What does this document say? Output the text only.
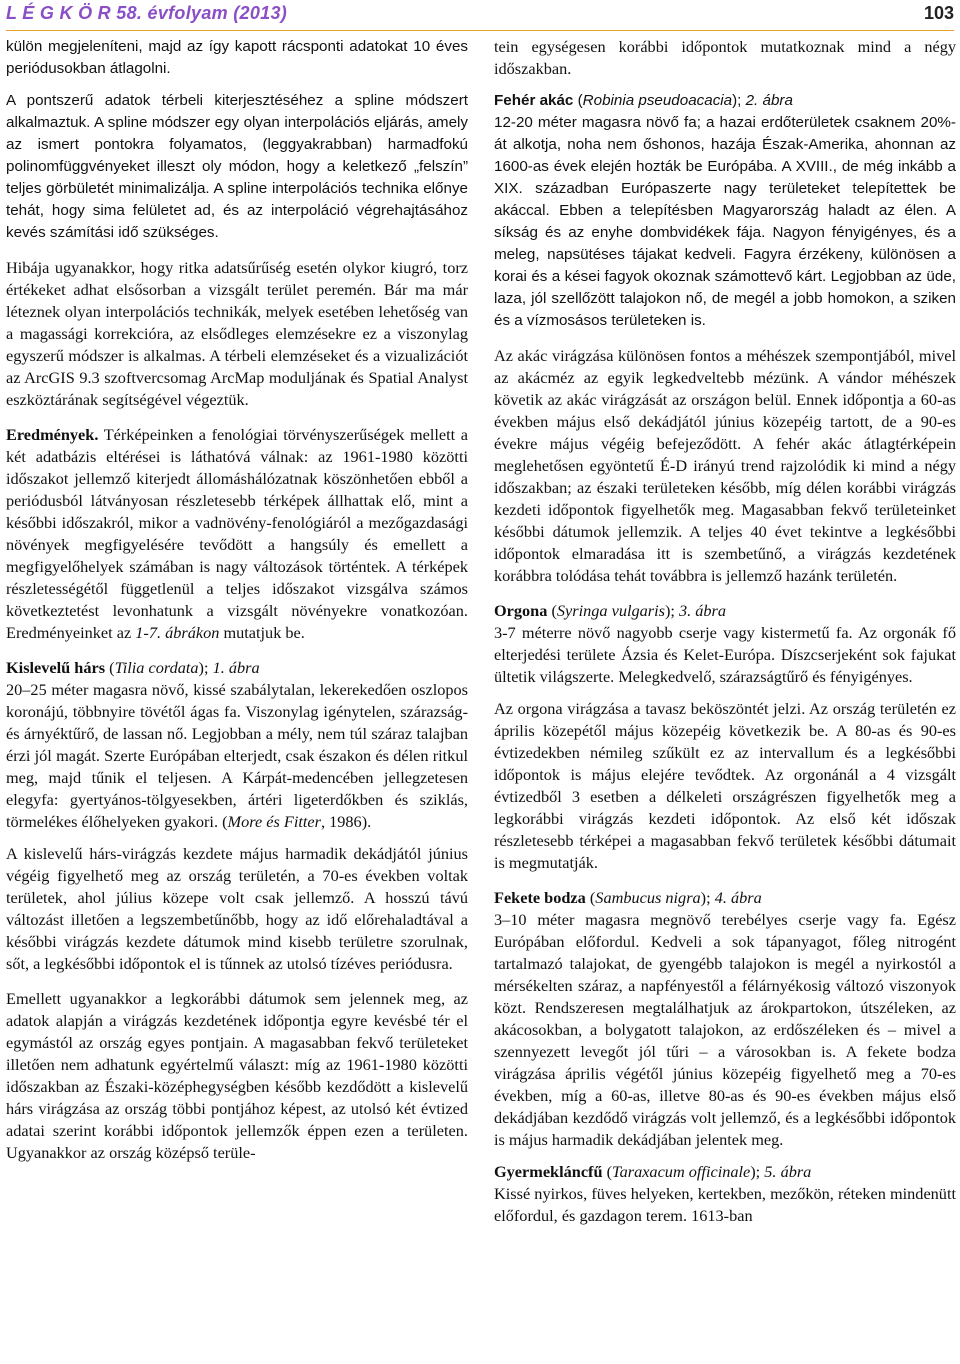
L É G K Ö R 58. évfolyam (2013)	103

külön megjeleníteni, majd az így kapott rácsponti adatokat 10 éves periódusokban átlagolni.

A pontszerű adatok térbeli kiterjesztéséhez a spline módszert alkalmaztuk. A spline módszer egy olyan interpolációs eljárás, amely az ismert pontokra folyamatos, (leggyakrabban) harmadfokú polinomfüggvényeket illeszt oly módon, hogy a keletkező „felszín” teljes görbületét minimalizálja. A spline interpolációs technika előnye tehát, hogy sima felületet ad, és az interpoláció végrehajtásához kevés számítási idő szükséges.

Hibája ugyanakkor, hogy ritka adatsűrűség esetén olykor kiugró, torz értékeket adhat elsősorban a vizsgált terület peremén. Bár ma már léteznek olyan interpolációs technikák, melyek esetében lehetőség van a magassági korrekcióra, az elsődleges elemzésekre ez a viszonylag egyszerű módszer is alkalmas. A térbeli elemzéseket és a vizualizációt az ArcGIS 9.3 szoftvercsomag ArcMap moduljának és Spatial Analyst eszköztárának segítségével végeztük.

Eredmények. Térképeinken a fenológiai törvényszerűségek mellett a két adatbázis eltérései is láthatóvá válnak: az 1961-1980 közötti időszakot jellemző kiterjedt állomáshálózatnak köszönhetően ebből a periódusból látványosan részletesebb térképek állhattak elő, mint a későbbi időszakról, mikor a vadnövény-fenológiáról a mezőgazdasági növények megfigyelésére tevődött a hangsúly és emellett a megfigyelőhelyek számában is nagy változások történtek. A térképek részletességétől függetlenül a teljes időszakot vizsgálva számos következtetést levonhatunk a vizsgált növényekre vonatkozóan. Eredményeinket az 1-7. ábrákon mutatjuk be.

Kislevelű hárs (Tilia cordata); 1. ábra
20–25 méter magasra növő, kissé szabálytalan, lekerekedően oszlopos koronájú, többnyire tövétől ágas fa. Viszonylag igénytelen, szárazság- és árnyéktűrő, de lassan nő. Legjobban a mély, nem túl száraz talajban érzi jól magát. Szerte Európában elterjedt, csak északon és délen ritkul meg, majd tűnik el teljesen. A Kárpát-medencében jellegzetesen elegyfa: gyertyános-tölgyesekben, ártéri ligeterdőkben és sziklás, törmelékes élőhelyeken gyakori. (More és Fitter, 1986).

A kislevelű hárs-virágzás kezdete május harmadik dekádjától június végéig figyelhető meg az ország területén, a 70-es években voltak területek, ahol július közepe volt csak jellemző. A hosszú távú változást illetően a legszembetűnőbb, hogy az idő előrehaladtával a későbbi virágzás kezdete dátumok mind kisebb területre szorulnak, sőt, a legkésőbbi időpontok el is tűnnek az utolsó tízéves periódusra.

Emellett ugyanakkor a legkorábbi dátumok sem jelennek meg, az adatok alapján a virágzás kezdetének időpontja egyre kevésbé tér el egymástól az ország egyes pontjain. A magasabban fekvő területeket illetően nem adhatunk egyértelmű választ: míg az 1961-1980 közötti időszakban az Északi-középhegységben később kezdődött a kislevelű hárs virágzása az ország többi pontjához képest, az utolsó két évtized adatai szerint korábbi időpontok jellemzők éppen ezen a területen. Ugyanakkor az ország középső terüle-

tein egységesen korábbi időpontok mutatkoznak mind a négy időszakban.

Fehér akác (Robinia pseudoacacia); 2. ábra
12-20 méter magasra növő fa; a hazai erdőterületek csaknem 20%-át alkotja, noha nem őshonos, hazája Észak-Amerika, ahonnan az 1600-as évek elején hozták be Európába. A XVIII., de még inkább a XIX. században Európaszerte nagy területeket telepítettek be akáccal. Ebben a telepítésben Magyarország haladt az élen. A síkság és az enyhe dombvidékek fája. Nagyon fényigényes, és a meleg, napsütéses tájakat kedveli. Fagyra érzékeny, különösen a korai és a kései fagyok okoznak számottevő kárt. Legjobban az üde, laza, jól szellőzött talajokon nő, de megél a jobb homokon, a sziken és a vízmosásos területeken is.

Az akác virágzása különösen fontos a méhészek szempontjából, mivel az akácméz az egyik legkedveltebb mézünk. A vándor méhészek követik az akác virágzását az országon belül. Ennek időpontja a 60-as években május első dekádjától június közepéig tartott, de a 90-es évekre május végéig befejeződött. A fehér akác átlagtérképein meglehetősen egyöntetű É-D irányú trend rajzolódik ki mind a négy időszakban; az északi területeken később, míg délen korábbi virágzás kezdeti időpontok figyelhetők meg. Magasabban fekvő területeinket későbbi dátumok jellemzik. A teljes 40 évet tekintve a legkésőbbi időpontok elmaradása itt is szembetűnő, a virágzás kezdetének korábbra tolódása tehát továbbra is jellemző hazánk területén.

Orgona (Syringa vulgaris); 3. ábra
3-7 méterre növő nagyobb cserje vagy kistermetű fa. Az orgonák fő elterjedési területe Ázsia és Kelet-Európa. Díszcserjeként sok fajukat ültetik világszerte. Melegkedvelő, szárazságtűrő és fényigényes.

Az orgona virágzása a tavasz beköszöntét jelzi. Az ország területén ez április közepétől május közepéig következik be. A 80-as és 90-es évtizedekben némileg szűkült ez az intervallum és a legkésőbbi időpontok is május elejére tevődtek. Az orgonánál a 4 vizsgált évtizedből 3 esetben a délkeleti országrészen figyelhetők meg a legkorábbi virágzás kezdeti időpontok. Az első két időszak részletesebb térképei a magasabban fekvő területek későbbi dátumait is megmutatják.

Fekete bodza (Sambucus nigra); 4. ábra
3–10 méter magasra megnövő terebélyes cserje vagy fa. Egész Európában előfordul. Kedveli a sok tápanyagot, főleg nitrogént tartalmazó talajokat, de gyengébb talajokon is megél a nyirkostól a mérsékelten száraz, a napfényestől a félárnyékosig változó viszonyok közt. Rendszeresen megtalálhatjuk az árokpartokon, útszéleken, az akácosokban, a bolygatott talajokon, az erdőszéleken és – mivel a szennyezett levegőt jól tűri – a városokban is. A fekete bodza virágzása április végétől június közepéig figyelhető meg a 70-es években, míg a 60-as, illetve 80-as és 90-es években május első dekádjában kezdődő virágzás volt jellemző, és a legkésőbbi időpontok is május harmadik dekádjában jelentek meg.

Gyermekláncfű (Taraxacum officinale); 5. ábra
Kissé nyirkos, füves helyeken, kertekben, mezőkön, réteken mindenütt előfordul, és gazdagon terem. 1613-ban
